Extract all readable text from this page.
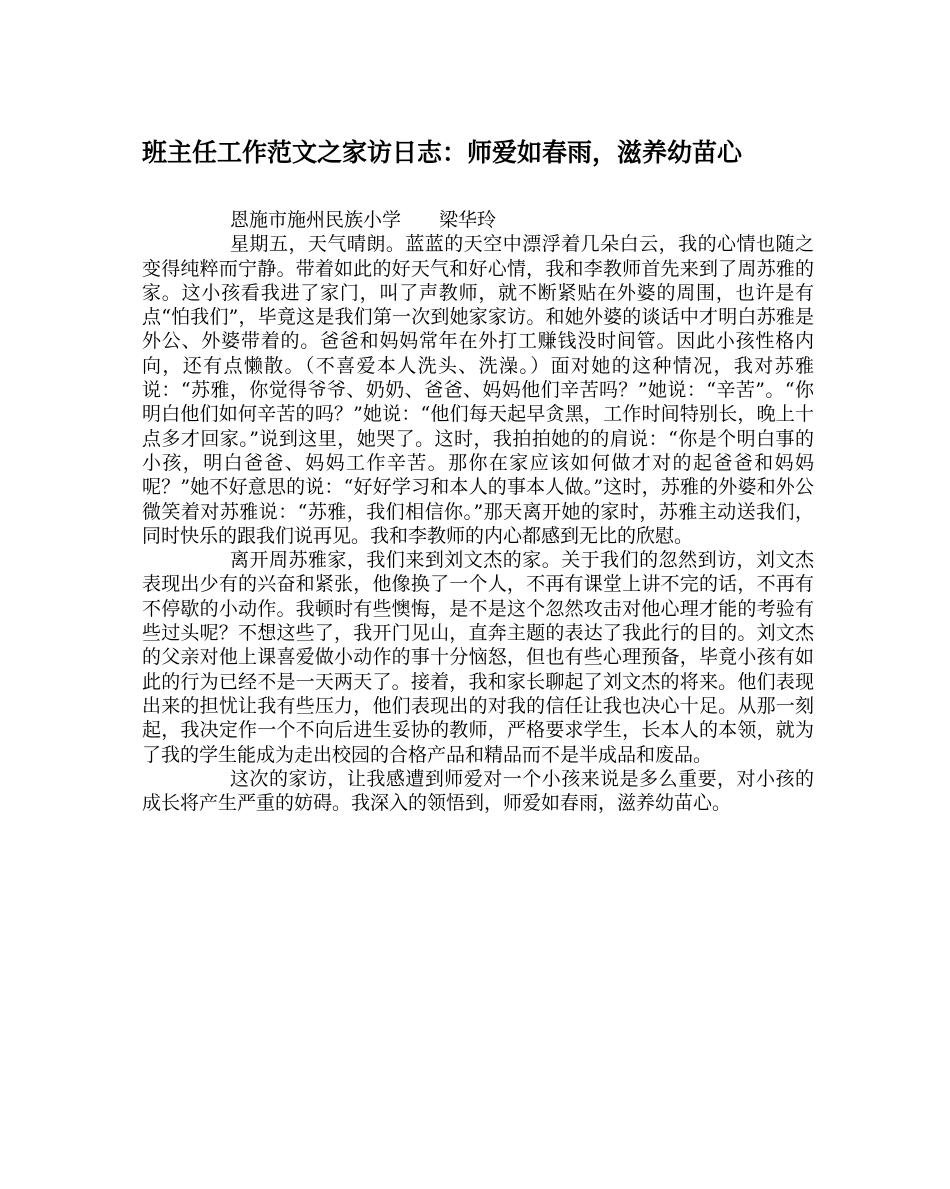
班主任工作范文之家访日志：师爱如春雨，滋养幼苗心

恩施市施州民族小学 梁华玲

星期五，天气晴朗。蓝蓝的天空中漂浮着几朵白云，我的心情也随之变得纯粹而宁静。带着如此的好天气和好心情，我和李教师首先来到了周苏雅的家。这小孩看我进了家门，叫了声教师，就不断紧贴在外婆的周围，也许是有点“怕我们”，毕竟这是我们第一次到她家家访。和她外婆的谈话中才明白苏雅是外公、外婆带着的。爸爸和妈妈常年在外打工赚钱没时间管。因此小孩性格内向，还有点懒散。（不喜爱本人洗头、洗澡。）面对她的这种情况，我对苏雅说：“苏雅，你觉得爷爷、奶奶、爸爸、妈妈他们辛苦吗？”她说：“辛苦”。“你明白他们如何辛苦的吗？”她说：“他们每天起早贪黑，工作时间特别长，晚上十点多才回家。”说到这里，她哭了。这时，我拍拍她的的肩说：“你是个明白事的小孩，明白爸爸、妈妈工作辛苦。那你在家应该如何做才对的起爸爸和妈妈呢？”她不好意思的说：“好好学习和本人的事本人做。”这时，苏雅的外婆和外公微笑着对苏雅说：“苏雅，我们相信你。”那天离开她的家时，苏雅主动送我们，同时快乐的跟我们说再见。我和李教师的内心都感到无比的欣慰。

离开周苏雅家，我们来到刘文杰的家。关于我们的忽然到访，刘文杰表现出少有的兴奋和紧张，他像换了一个人，不再有课堂上讲不完的话，不再有不停歇的小动作。我顿时有些懊悔，是不是这个忽然攻击对他心理才能的考验有些过头呢？不想这些了，我开门见山，直奔主题的表达了我此行的目的。刘文杰的父亲对他上课喜爱做小动作的事十分恼怒，但也有些心理预备，毕竟小孩有如此的行为已经不是一天两天了。接着，我和家长聊起了刘文杰的将来。他们表现出来的担忧让我有些压力，他们表现出的对我的信任让我也决心十足。从那一刻起，我决定作一个不向后进生妥协的教师，严格要求学生，长本人的本领，就为了我的学生能成为走出校园的合格产品和精品而不是半成品和废品。

这次的家访，让我感遭到师爱对一个小孩来说是多么重要，对小孩的成长将产生严重的妨碍。我深入的领悟到，师爱如春雨，滋养幼苗心。
